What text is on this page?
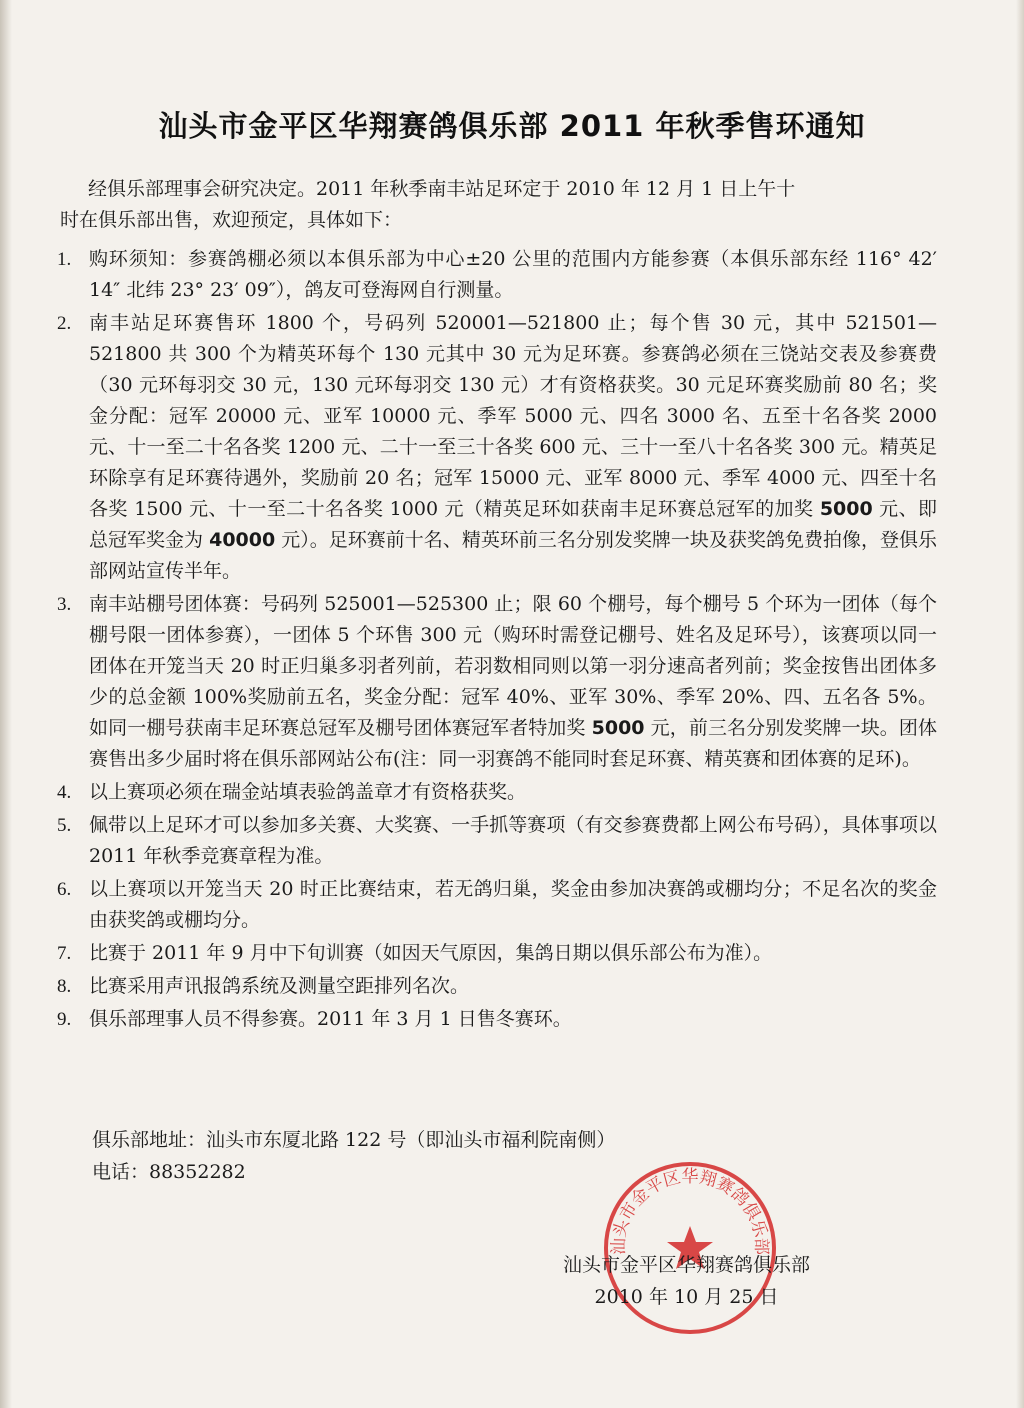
汕头市金平区华翔赛鸽俱乐部 2011 年秋季售环通知
经俱乐部理事会研究决定。2011 年秋季南丰站足环定于 2010 年 12 月 1 日上午十
时在俱乐部出售，欢迎预定，具体如下：
1. 购环须知：参赛鸽棚必须以本俱乐部为中心±20 公里的范围内方能参赛（本俱乐部东经 116° 42′ 14″ 北纬 23° 23′ 09″），鸽友可登海网自行测量。
2. 南丰站足环赛售环 1800 个，号码列 520001—521800 止；每个售 30 元，其中 521501—521800 共 300 个为精英环每个 130 元其中 30 元为足环赛。参赛鸽必须在三饶站交表及参赛费（30 元环每羽交 30 元，130 元环每羽交 130 元）才有资格获奖。30 元足环赛奖励前 80 名；奖金分配：冠军 20000 元、亚军 10000 元、季军 5000 元、四名 3000 名、五至十名各奖 2000 元、十一至二十名各奖 1200 元、二十一至三十各奖 600 元、三十一至八十名各奖 300 元。精英足环除享有足环赛待遇外，奖励前 20 名；冠军 15000 元、亚军 8000 元、季军 4000 元、四至十名各奖 1500 元、十一至二十名各奖 1000 元（精英足环如获南丰足环赛总冠军的加奖 5000 元、即总冠军奖金为 40000 元）。足环赛前十名、精英环前三名分别发奖牌一块及获奖鸽免费拍像，登俱乐部网站宣传半年。
3. 南丰站棚号团体赛：号码列 525001—525300 止；限 60 个棚号，每个棚号 5 个环为一团体（每个棚号限一团体参赛），一团体 5 个环售 300 元（购环时需登记棚号、姓名及足环号），该赛项以同一团体在开笼当天 20 时正归巢多羽者列前，若羽数相同则以第一羽分速高者列前；奖金按售出团体多少的总金额 100%奖励前五名，奖金分配：冠军 40%、亚军 30%、季军 20%、四、五名各 5%。如同一棚号获南丰足环赛总冠军及棚号团体赛冠军者特加奖 5000 元，前三名分别发奖牌一块。团体赛售出多少届时将在俱乐部网站公布(注：同一羽赛鸽不能同时套足环赛、精英赛和团体赛的足环)。
4. 以上赛项必须在瑞金站填表验鸽盖章才有资格获奖。
5. 佩带以上足环才可以参加多关赛、大奖赛、一手抓等赛项（有交参赛费都上网公布号码），具体事项以 2011 年秋季竞赛章程为准。
6. 以上赛项以开笼当天 20 时正比赛结束，若无鸽归巢，奖金由参加决赛鸽或棚均分；不足名次的奖金由获奖鸽或棚均分。
7. 比赛于 2011 年 9 月中下旬训赛（如因天气原因，集鸽日期以俱乐部公布为准）。
8. 比赛采用声讯报鸽系统及测量空距排列名次。
9. 俱乐部理事人员不得参赛。2011 年 3 月 1 日售冬赛环。
俱乐部地址：汕头市东厦北路 122 号（即汕头市福利院南侧）
电话：88352282
汕头市金平区华翔赛鸽俱乐部
汕头市金平区华翔赛鸽俱乐部
2010 年 10 月 25 日
